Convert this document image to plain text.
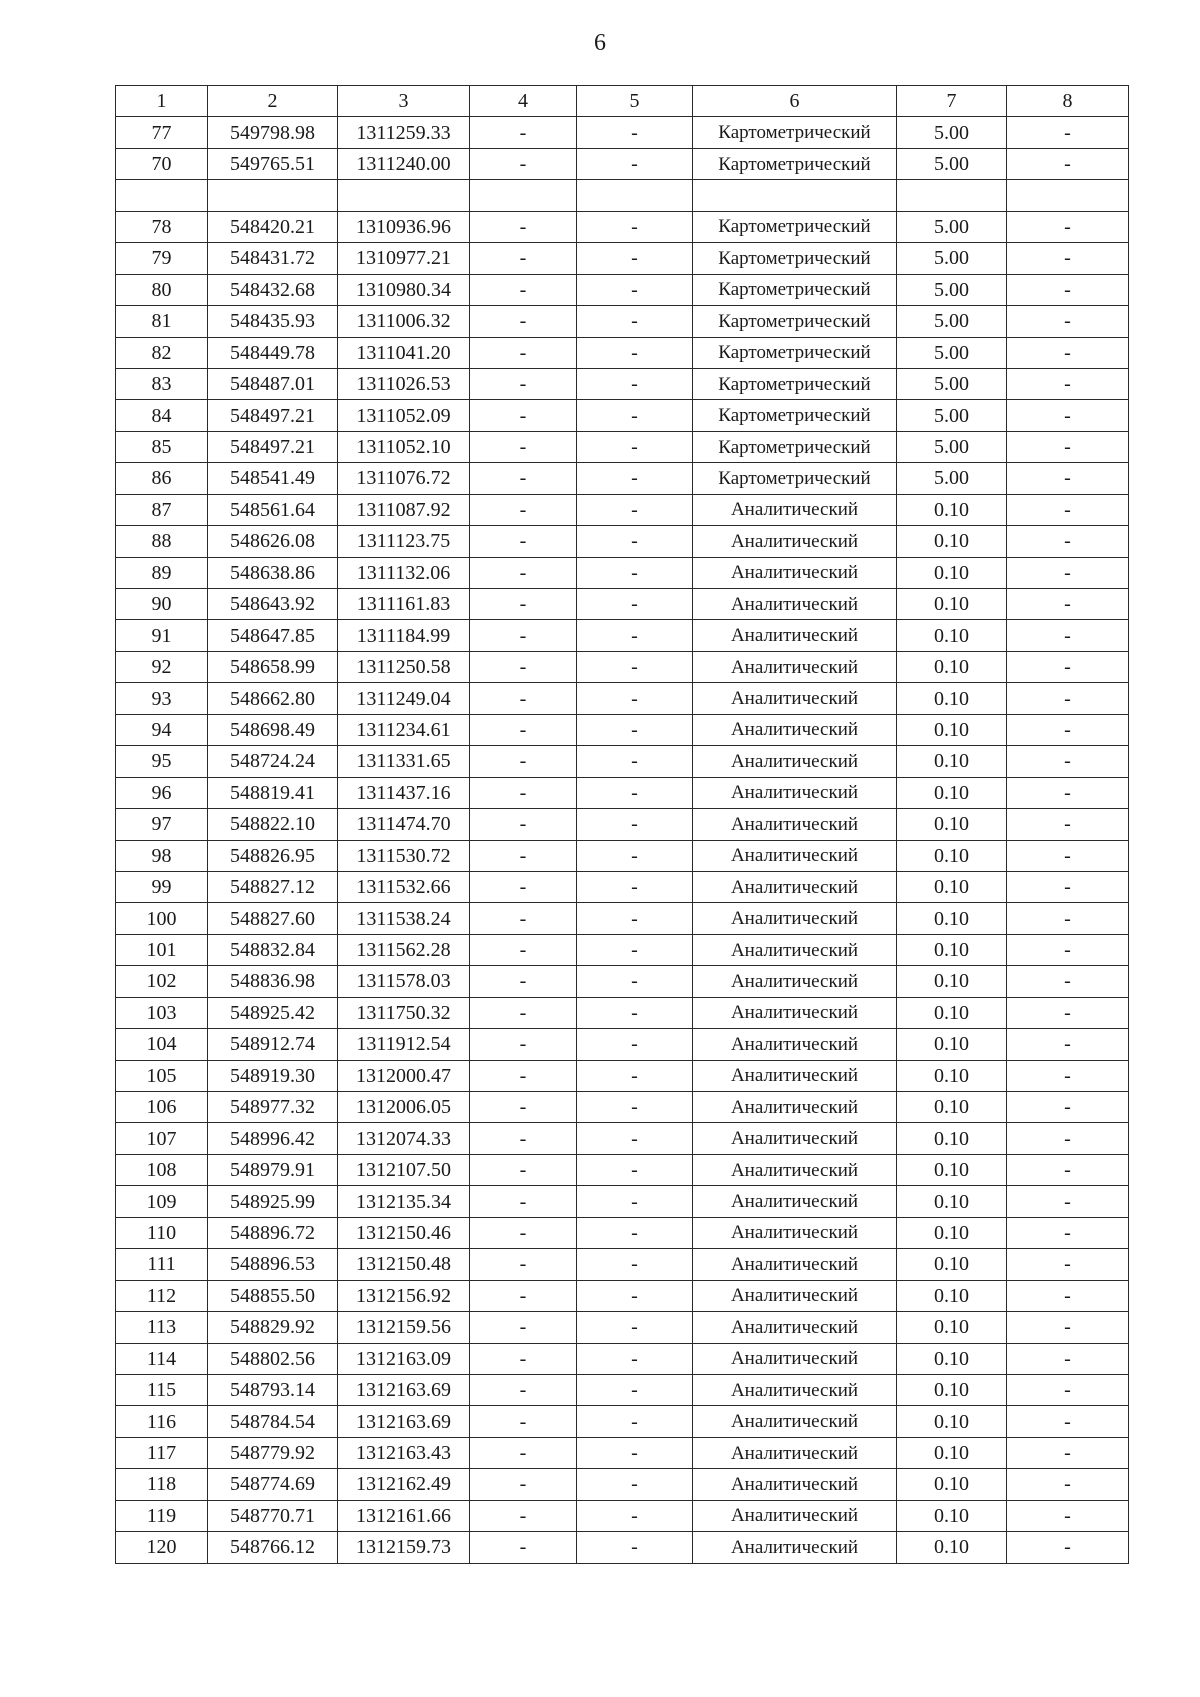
6
1	2	3	4	5	6	7	8
77	549798.98	1311259.33	-	-	Картометрический	5.00	-
70	549765.51	1311240.00	-	-	Картометрический	5.00	-

78	548420.21	1310936.96	-	-	Картометрический	5.00	-
79	548431.72	1310977.21	-	-	Картометрический	5.00	-
80	548432.68	1310980.34	-	-	Картометрический	5.00	-
81	548435.93	1311006.32	-	-	Картометрический	5.00	-
82	548449.78	1311041.20	-	-	Картометрический	5.00	-
83	548487.01	1311026.53	-	-	Картометрический	5.00	-
84	548497.21	1311052.09	-	-	Картометрический	5.00	-
85	548497.21	1311052.10	-	-	Картометрический	5.00	-
86	548541.49	1311076.72	-	-	Картометрический	5.00	-
87	548561.64	1311087.92	-	-	Аналитический	0.10	-
88	548626.08	1311123.75	-	-	Аналитический	0.10	-
89	548638.86	1311132.06	-	-	Аналитический	0.10	-
90	548643.92	1311161.83	-	-	Аналитический	0.10	-
91	548647.85	1311184.99	-	-	Аналитический	0.10	-
92	548658.99	1311250.58	-	-	Аналитический	0.10	-
93	548662.80	1311249.04	-	-	Аналитический	0.10	-
94	548698.49	1311234.61	-	-	Аналитический	0.10	-
95	548724.24	1311331.65	-	-	Аналитический	0.10	-
96	548819.41	1311437.16	-	-	Аналитический	0.10	-
97	548822.10	1311474.70	-	-	Аналитический	0.10	-
98	548826.95	1311530.72	-	-	Аналитический	0.10	-
99	548827.12	1311532.66	-	-	Аналитический	0.10	-
100	548827.60	1311538.24	-	-	Аналитический	0.10	-
101	548832.84	1311562.28	-	-	Аналитический	0.10	-
102	548836.98	1311578.03	-	-	Аналитический	0.10	-
103	548925.42	1311750.32	-	-	Аналитический	0.10	-
104	548912.74	1311912.54	-	-	Аналитический	0.10	-
105	548919.30	1312000.47	-	-	Аналитический	0.10	-
106	548977.32	1312006.05	-	-	Аналитический	0.10	-
107	548996.42	1312074.33	-	-	Аналитический	0.10	-
108	548979.91	1312107.50	-	-	Аналитический	0.10	-
109	548925.99	1312135.34	-	-	Аналитический	0.10	-
110	548896.72	1312150.46	-	-	Аналитический	0.10	-
111	548896.53	1312150.48	-	-	Аналитический	0.10	-
112	548855.50	1312156.92	-	-	Аналитический	0.10	-
113	548829.92	1312159.56	-	-	Аналитический	0.10	-
114	548802.56	1312163.09	-	-	Аналитический	0.10	-
115	548793.14	1312163.69	-	-	Аналитический	0.10	-
116	548784.54	1312163.69	-	-	Аналитический	0.10	-
117	548779.92	1312163.43	-	-	Аналитический	0.10	-
118	548774.69	1312162.49	-	-	Аналитический	0.10	-
119	548770.71	1312161.66	-	-	Аналитический	0.10	-
120	548766.12	1312159.73	-	-	Аналитический	0.10	-
